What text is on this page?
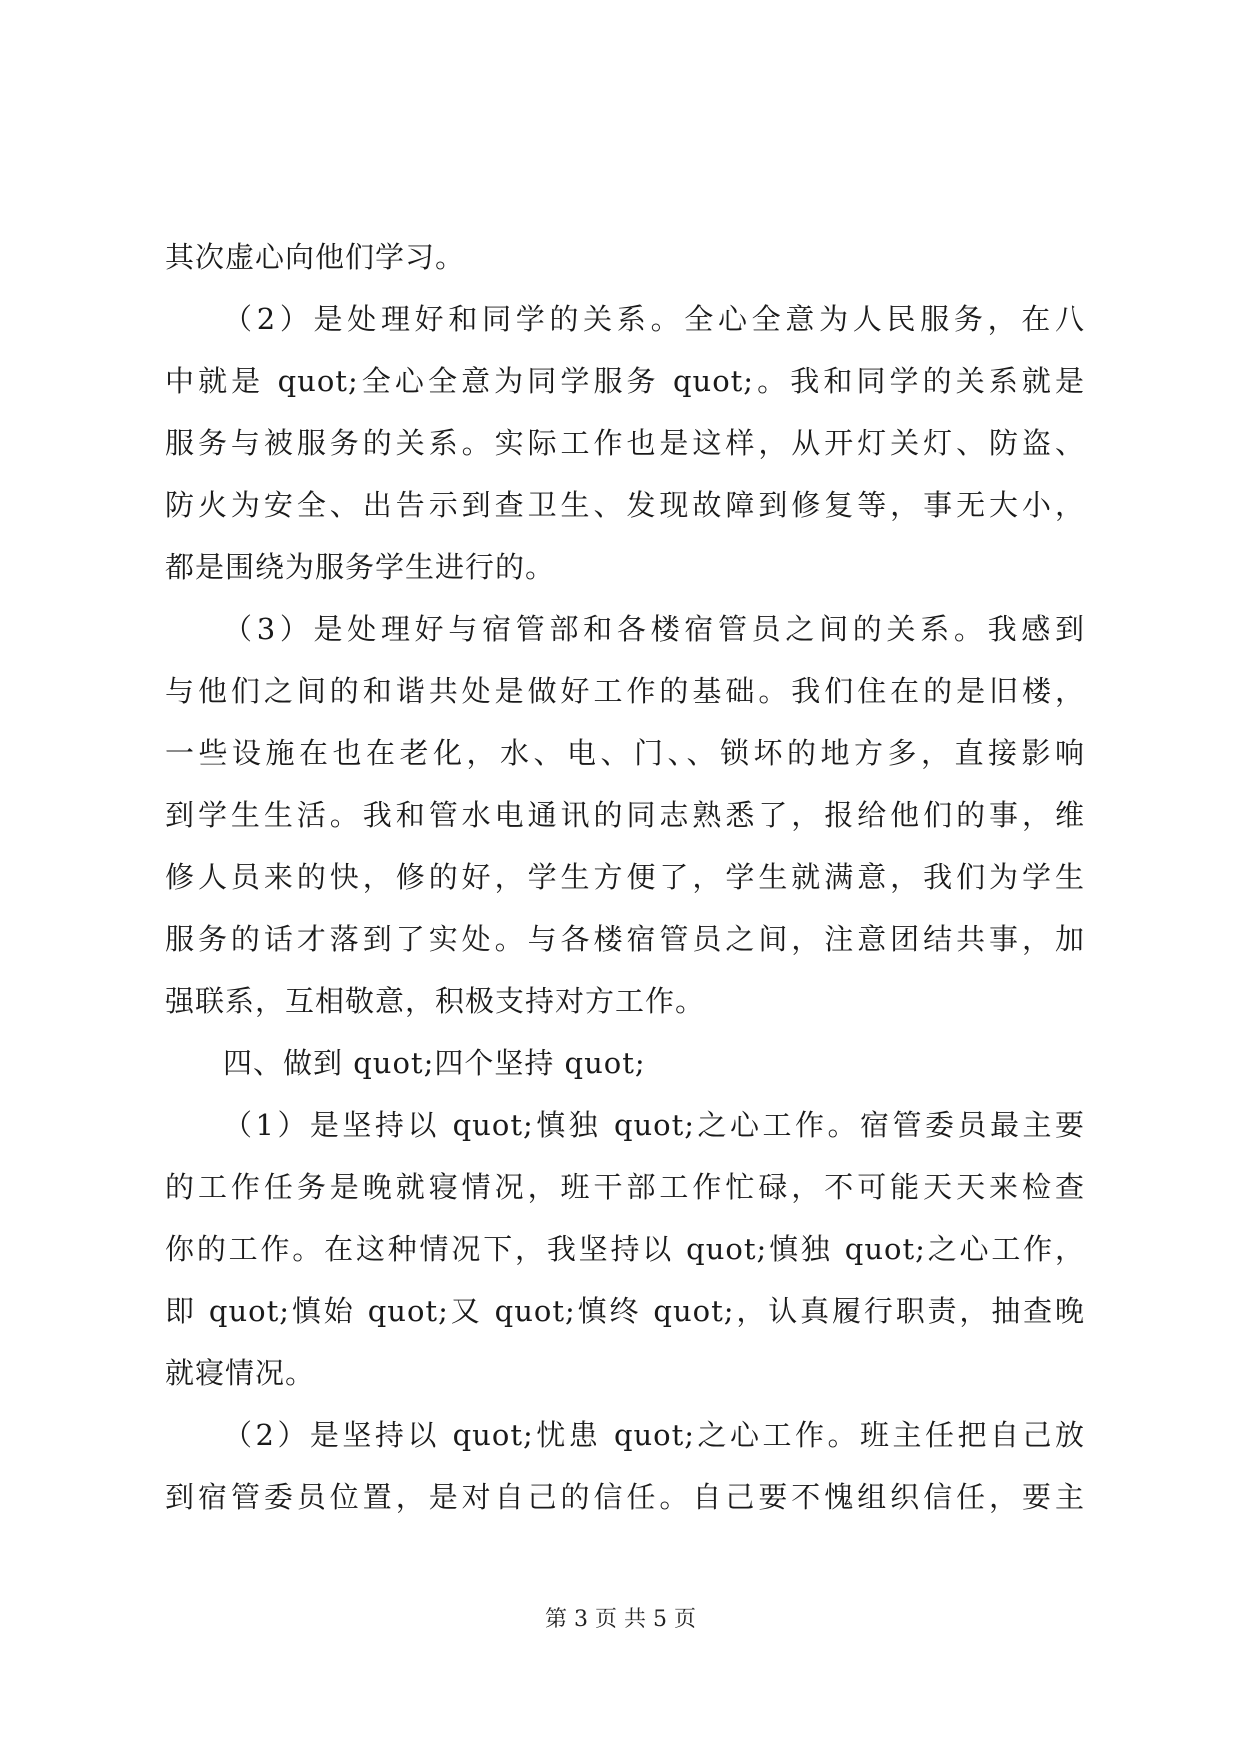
其次虚心向他们学习。
（2）是处理好和同学的关系。全心全意为人民服务，在八
中就是 quot;全心全意为同学服务 quot;。我和同学的关系就是
服务与被服务的关系。实际工作也是这样，从开灯关灯、防盗、
防火为安全、出告示到查卫生、发现故障到修复等，事无大小，
都是围绕为服务学生进行的。
（3）是处理好与宿管部和各楼宿管员之间的关系。我感到
与他们之间的和谐共处是做好工作的基础。我们住在的是旧楼，
一些设施在也在老化，水、电、门、、锁坏的地方多，直接影响
到学生生活。我和管水电通讯的同志熟悉了，报给他们的事，维
修人员来的快，修的好，学生方便了，学生就满意，我们为学生
服务的话才落到了实处。与各楼宿管员之间，注意团结共事，加
强联系，互相敬意，积极支持对方工作。
四、做到 quot;四个坚持 quot;
（1）是坚持以 quot;慎独 quot;之心工作。宿管委员最主要
的工作任务是晚就寝情况，班干部工作忙碌，不可能天天来检查
你的工作。在这种情况下，我坚持以 quot;慎独 quot;之心工作，
即 quot;慎始 quot;又 quot;慎终 quot;，认真履行职责，抽查晚
就寝情况。
（2）是坚持以 quot;忧患 quot;之心工作。班主任把自己放
到宿管委员位置，是对自己的信任。自己要不愧组织信任，要主
第 3 页 共 5 页
